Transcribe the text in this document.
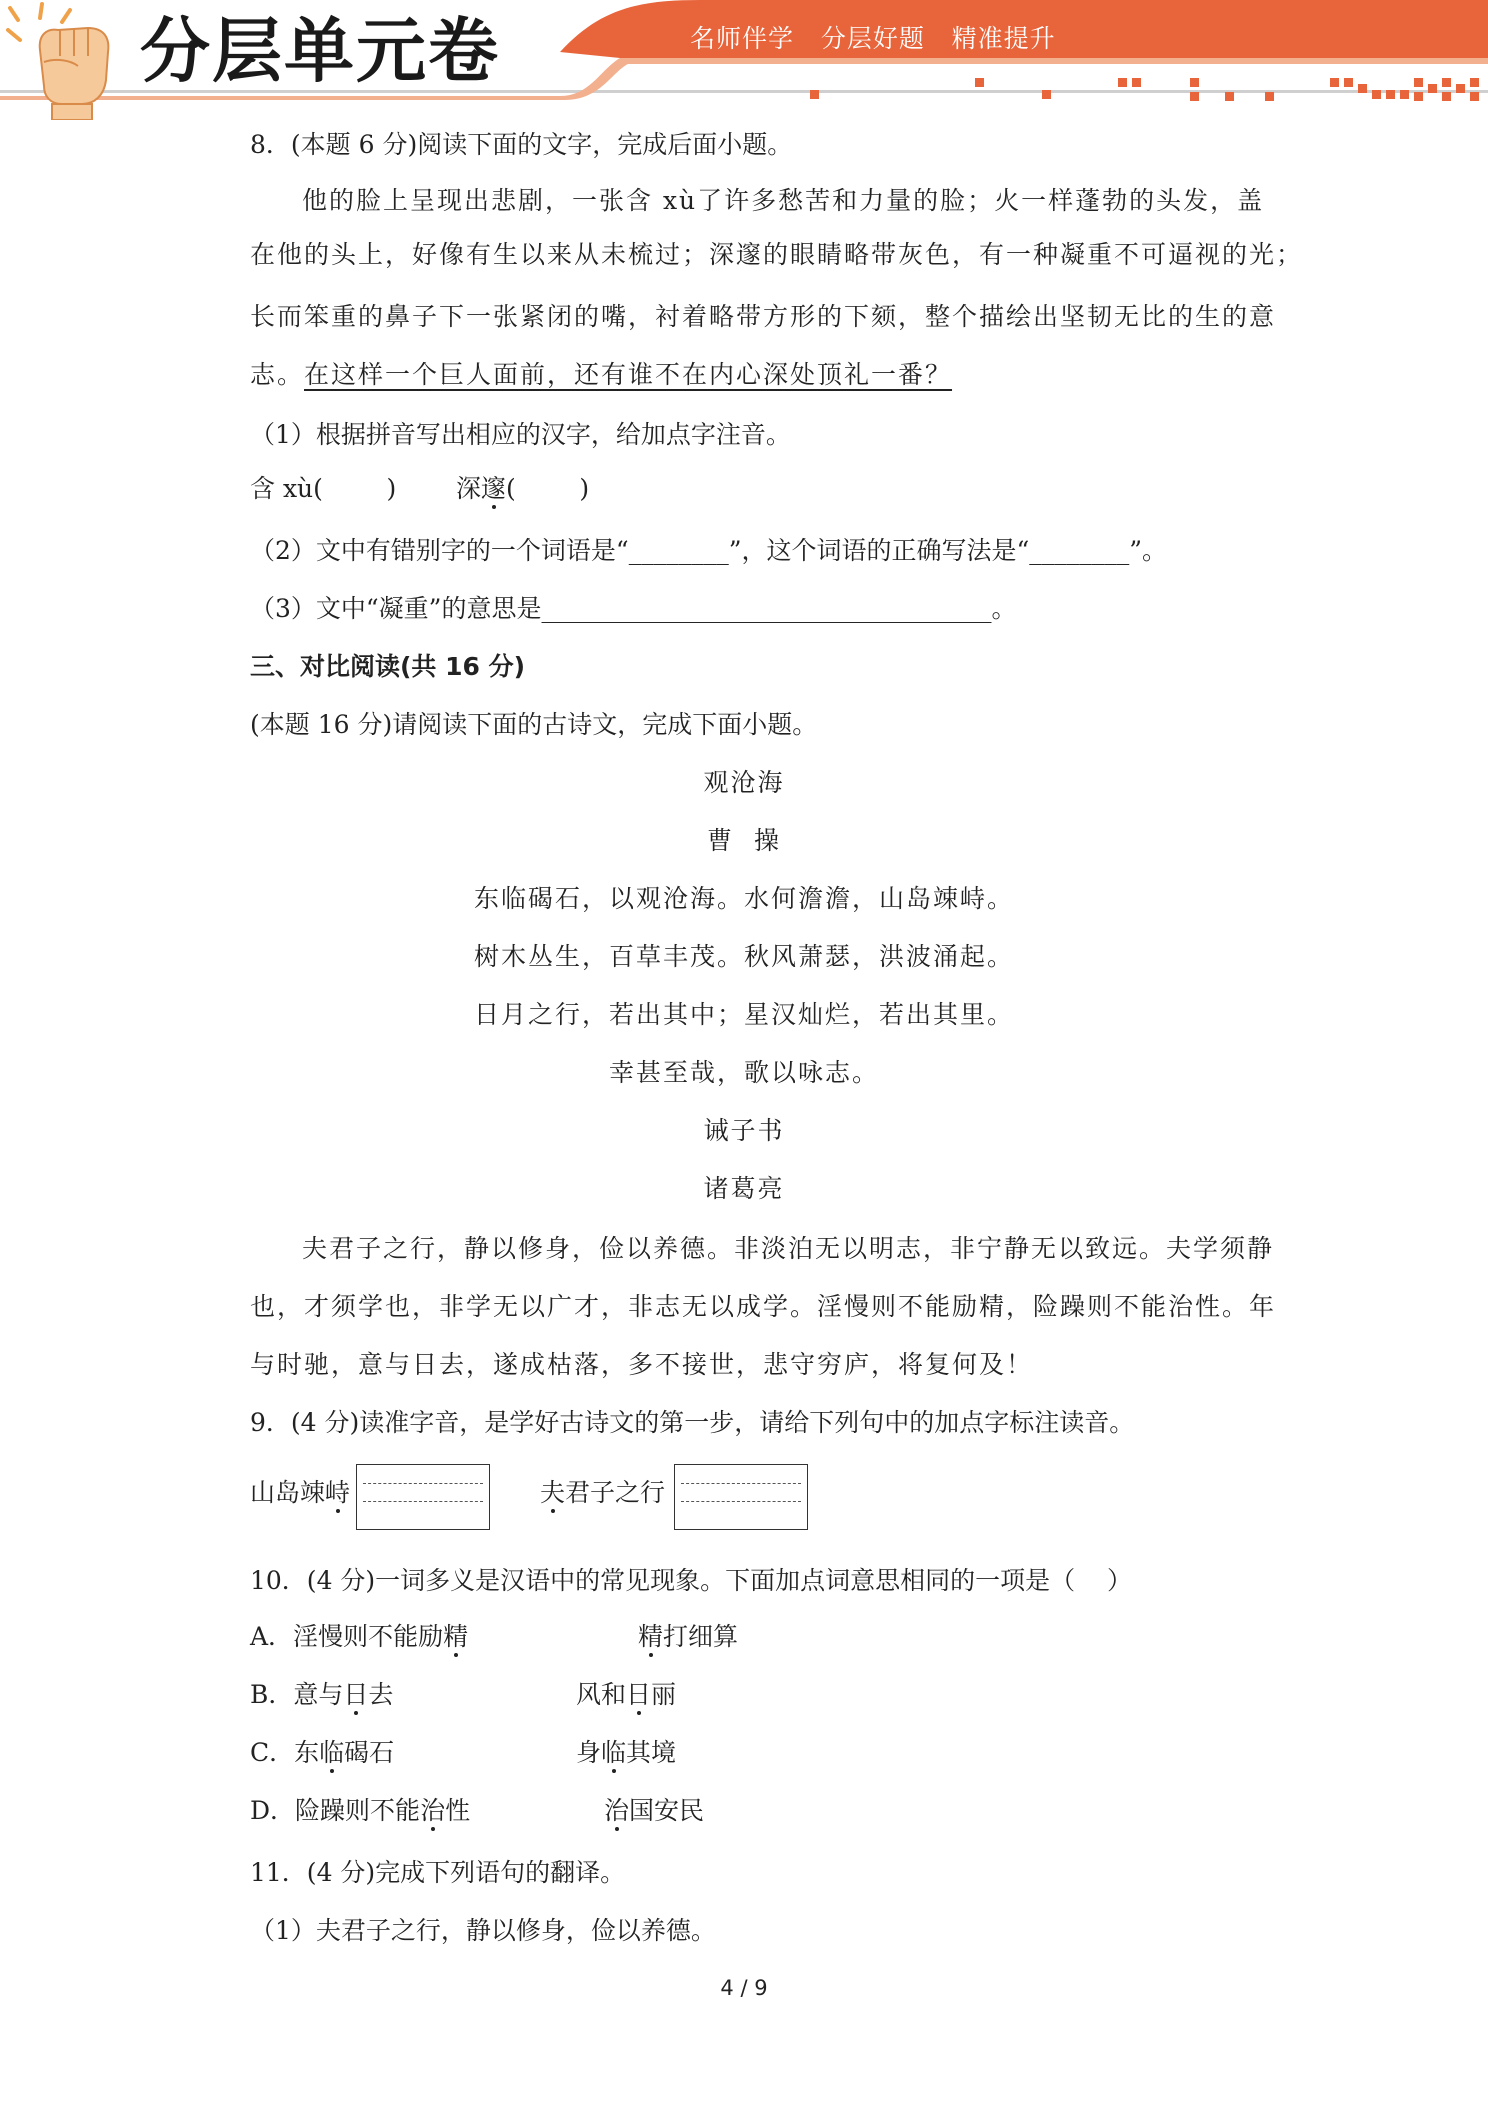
分层单元卷	名师伴学   分层好题   精准提升
8．(本题 6 分)阅读下面的文字，完成后面小题。
他的脸上呈现出悲剧，一张含 xù了许多愁苦和力量的脸；火一样蓬勃的头发，盖
在他的头上，好像有生以来从未梳过；深邃的眼睛略带灰色，有一种凝重不可逼视的光；
长而笨重的鼻子下一张紧闭的嘴，衬着略带方形的下颏，整个描绘出坚韧无比的生的意
志。在这样一个巨人面前，还有谁不在内心深处顶礼一番？
（1）根据拼音写出相应的汉字，给加点字注音。
含 xù(        ) 深邃(        )
（2）文中有错别字的一个词语是“________”，这个词语的正确写法是“________”。
（3）文中“凝重”的意思是____________________________________。
三、对比阅读(共 16 分)
(本题 16 分)请阅读下面的古诗文，完成下面小题。
观沧海
曹  操
东临碣石，以观沧海。水何澹澹，山岛竦峙。
树木丛生，百草丰茂。秋风萧瑟，洪波涌起。
日月之行，若出其中；星汉灿烂，若出其里。
幸甚至哉，歌以咏志。
诫子书
诸葛亮
夫君子之行，静以修身，俭以养德。非淡泊无以明志，非宁静无以致远。夫学须静
也，才须学也，非学无以广才，非志无以成学。淫慢则不能励精，险躁则不能治性。年
与时驰，意与日去，遂成枯落，多不接世，悲守穷庐，将复何及！
9．(4 分)读准字音，是学好古诗文的第一步，请给下列句中的加点字标注读音。
山岛竦峙	夫君子之行
10．(4 分)一词多义是汉语中的常见现象。下面加点词意思相同的一项是（    ）
A．淫慢则不能励精	精打细算
B．意与日去	风和日丽
C．东临碣石	身临其境
D．险躁则不能治性	治国安民
11．(4 分)完成下列语句的翻译。
（1）夫君子之行，静以修身，俭以养德。
4 / 9
